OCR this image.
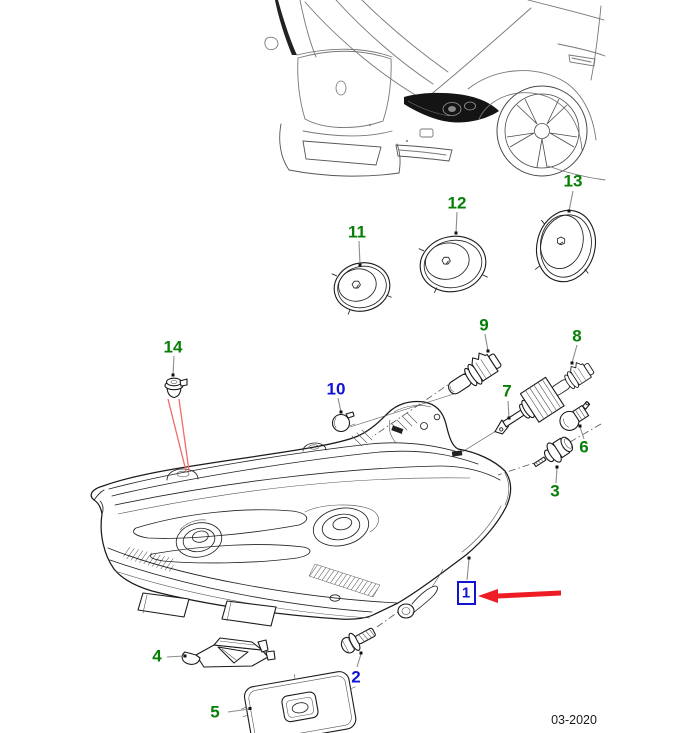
1
2
3
4
5
6
7
8
9
10
11
12
13
14
03-2020
